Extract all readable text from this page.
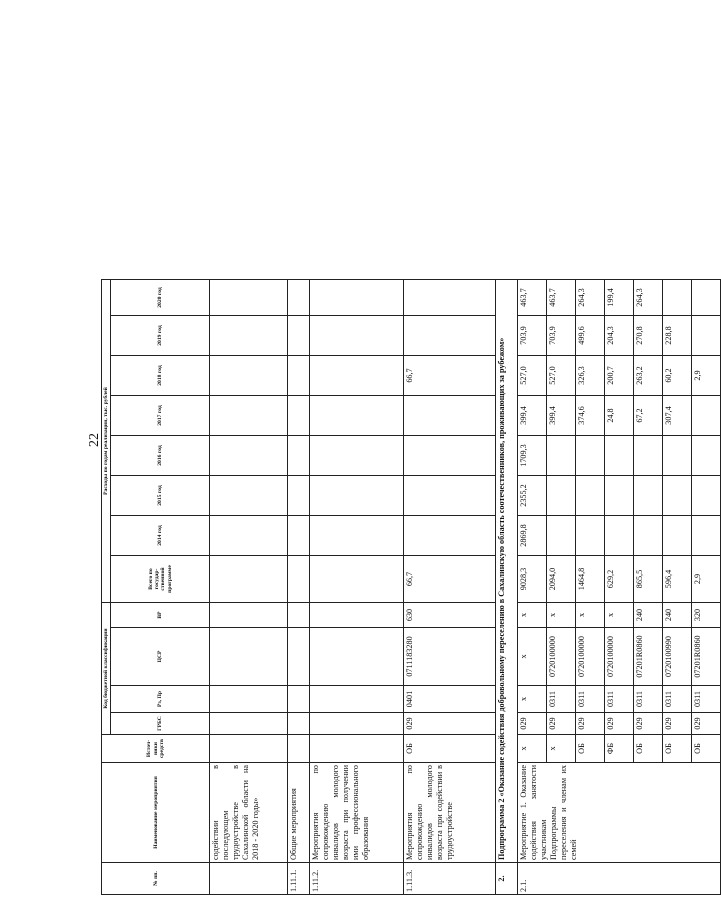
22
№ пп.	Наименование мероприятия	Источ-ники средств	Код бюджетной классификации				Расходы по годам реализации, тыс. рублей							
			ГРБС	Рз, Пр	ЦСР	ВР	Всего по государ-ственной программе	2014 год	2015 год	2016 год	2017 год	2018 год	2019 год	2020 год
	содействии в последующем трудоустройстве в Сахалинской области на 2018 - 2020 годы»													
1.11.1.	Общие мероприятия													
1.11.2.	Мероприятия по сопровождению инвалидов молодого возраста при получении ими профессионального образования													
1.11.3.	Мероприятия по сопровождению инвалидов молодого возраста при содействии в трудоустройстве	ОБ	029	0401	0711183280	630	66,7					66,7		
2.	Подпрограмма 2 «Оказание содействия добровольному переселению в Сахалинскую область соотечественников, проживающих за рубежом»													
2.1.	Мероприятие 1. Оказание содействия занятости участникам Подпрограммы переселения и членам их семей	х	029	х	х	х	9028,3	2869,8	2355,2	1709,3	399,4	527,0	703,9	463,7
		х	029	0311	0720100000	х	2094,0				399,4	527,0	703,9	463,7
		ОБ	029	0311	0720100000	х	1464,8				374,6	326,3	499,6	264,3
		ФБ	029	0311	0720100000	х	629,2				24,8	200,7	204,3	199,4
		ОБ	029	0311	07201R0860	240	865,5				67,2	263,2	270,8	264,3
		ОБ	029	0311	0720100990	240	596,4				307,4	60,2	228,8	
		ОБ	029	0311	07201R0860	320	2,9					2,9		
